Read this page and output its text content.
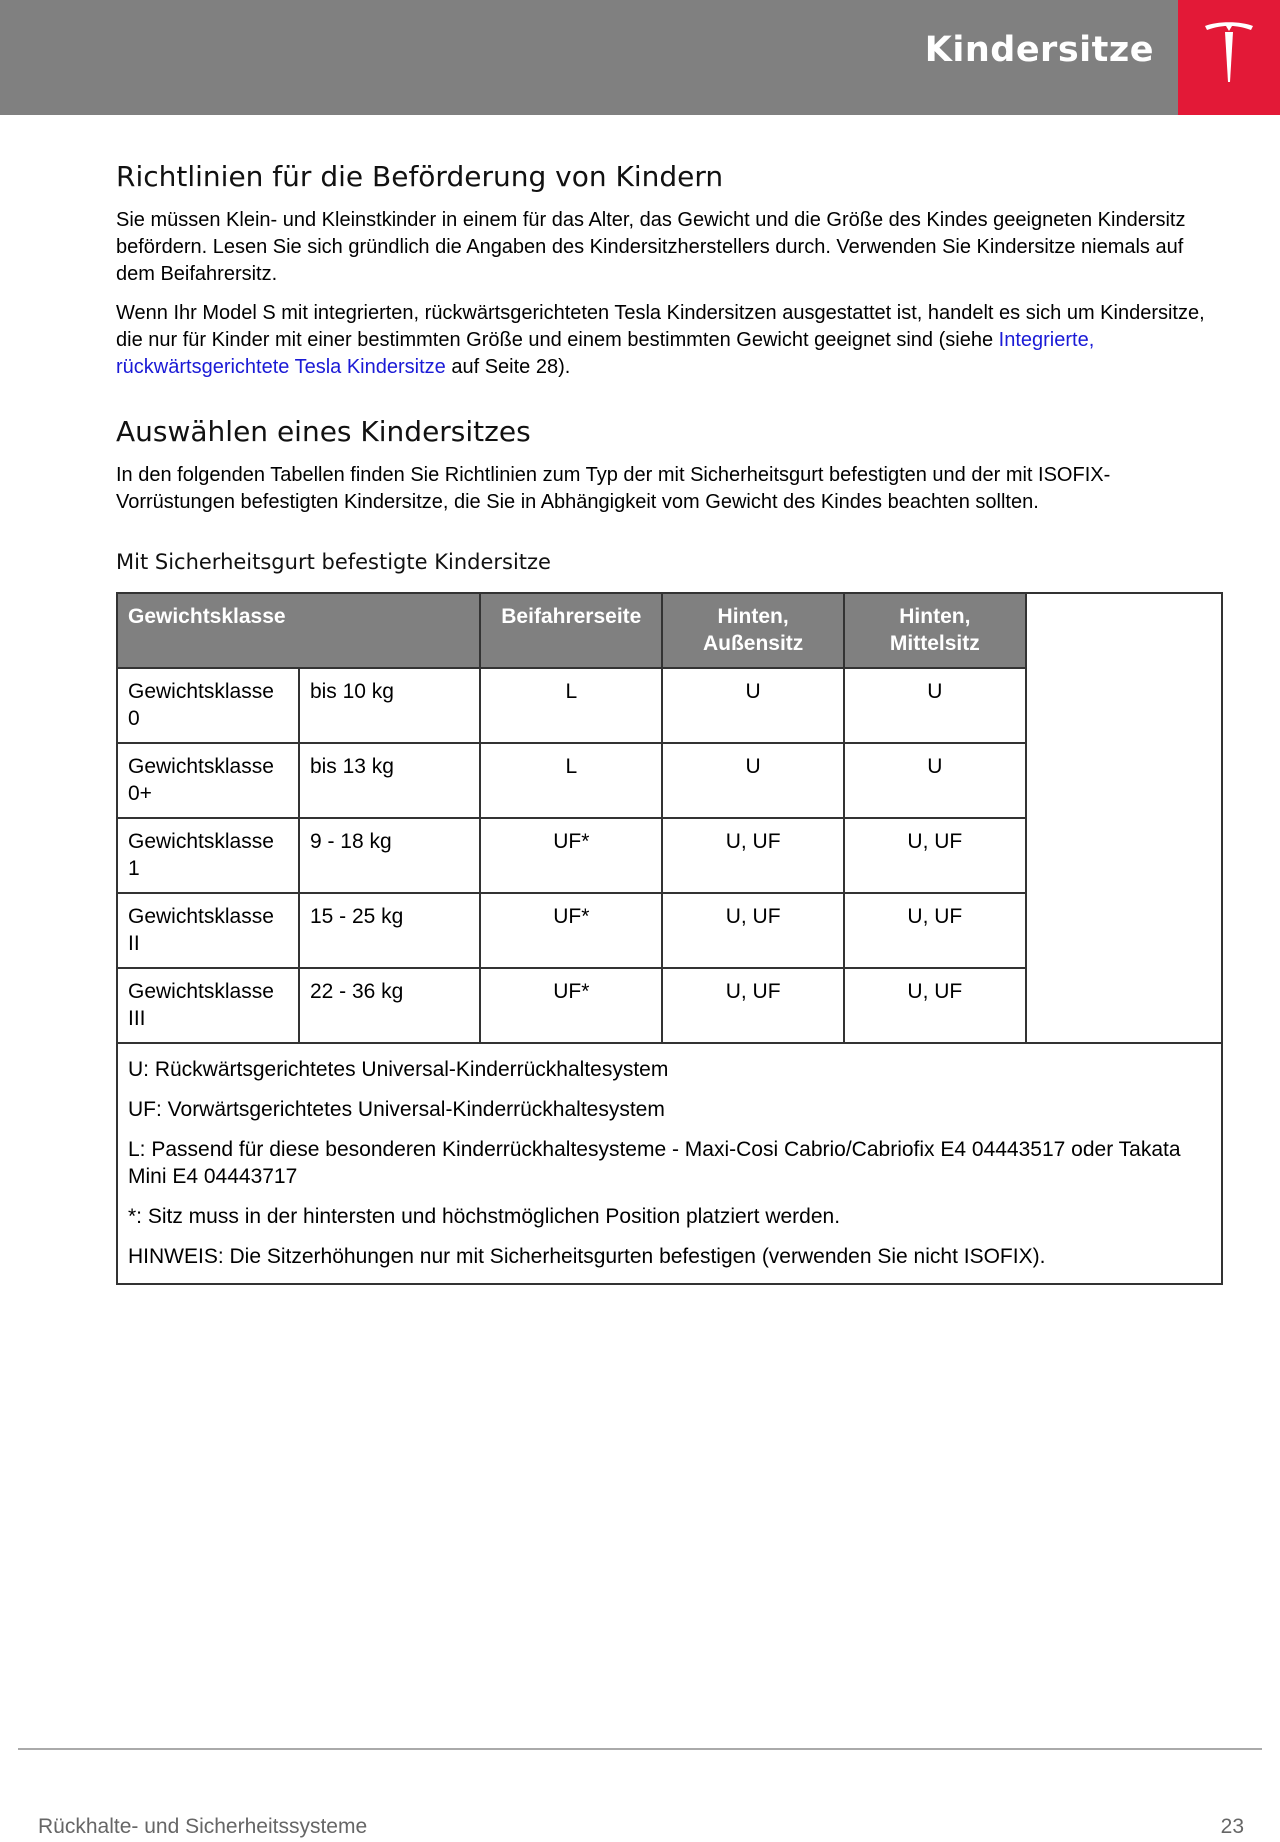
Kindersitze
Richtlinien für die Beförderung von Kindern

Sie müssen Klein- und Kleinstkinder in einem für das Alter, das Gewicht und die Größe des Kindes geeigneten Kindersitz befördern. Lesen Sie sich gründlich die Angaben des Kindersitzherstellers durch. Verwenden Sie Kindersitze niemals auf dem Beifahrersitz.

Wenn Ihr Model S mit integrierten, rückwärtsgerichteten Tesla Kindersitzen ausgestattet ist, handelt es sich um Kindersitze, die nur für Kinder mit einer bestimmten Größe und einem bestimmten Gewicht geeignet sind (siehe Integrierte, rückwärtsgerichtete Tesla Kindersitze auf Seite 28).

Auswählen eines Kindersitzes

In den folgenden Tabellen finden Sie Richtlinien zum Typ der mit Sicherheitsgurt befestigten und der mit ISOFIX-Vorrüstungen befestigten Kindersitze, die Sie in Abhängigkeit vom Gewicht des Kindes beachten sollten.

Mit Sicherheitsgurt befestigte Kindersitze
Gewichtsklasse		Beifahrerseite	Hinten, Außensitz	Hinten, Mittelsitz	
Gewichtsklasse 0	bis 10 kg	L	U	U	
Gewichtsklasse 0+	bis 13 kg	L	U	U	
Gewichtsklasse 1	9 - 18 kg	UF*	U, UF	U, UF	
Gewichtsklasse II	15 - 25 kg	UF*	U, UF	U, UF	
Gewichtsklasse III	22 - 36 kg	UF*	U, UF	U, UF	

U: Rückwärtsgerichtetes Universal-Kinderrückhaltesystem

UF: Vorwärtsgerichtetes Universal-Kinderrückhaltesystem

L: Passend für diese besonderen Kinderrückhaltesysteme - Maxi-Cosi Cabrio/Cabriofix E4 04443517 oder Takata Mini E4 04443717

*: Sitz muss in der hintersten und höchstmöglichen Position platziert werden.

HINWEIS: Die Sitzerhöhungen nur mit Sicherheitsgurten befestigen (verwenden Sie nicht ISOFIX).					

Rückhalte- und Sicherheitssysteme	23
